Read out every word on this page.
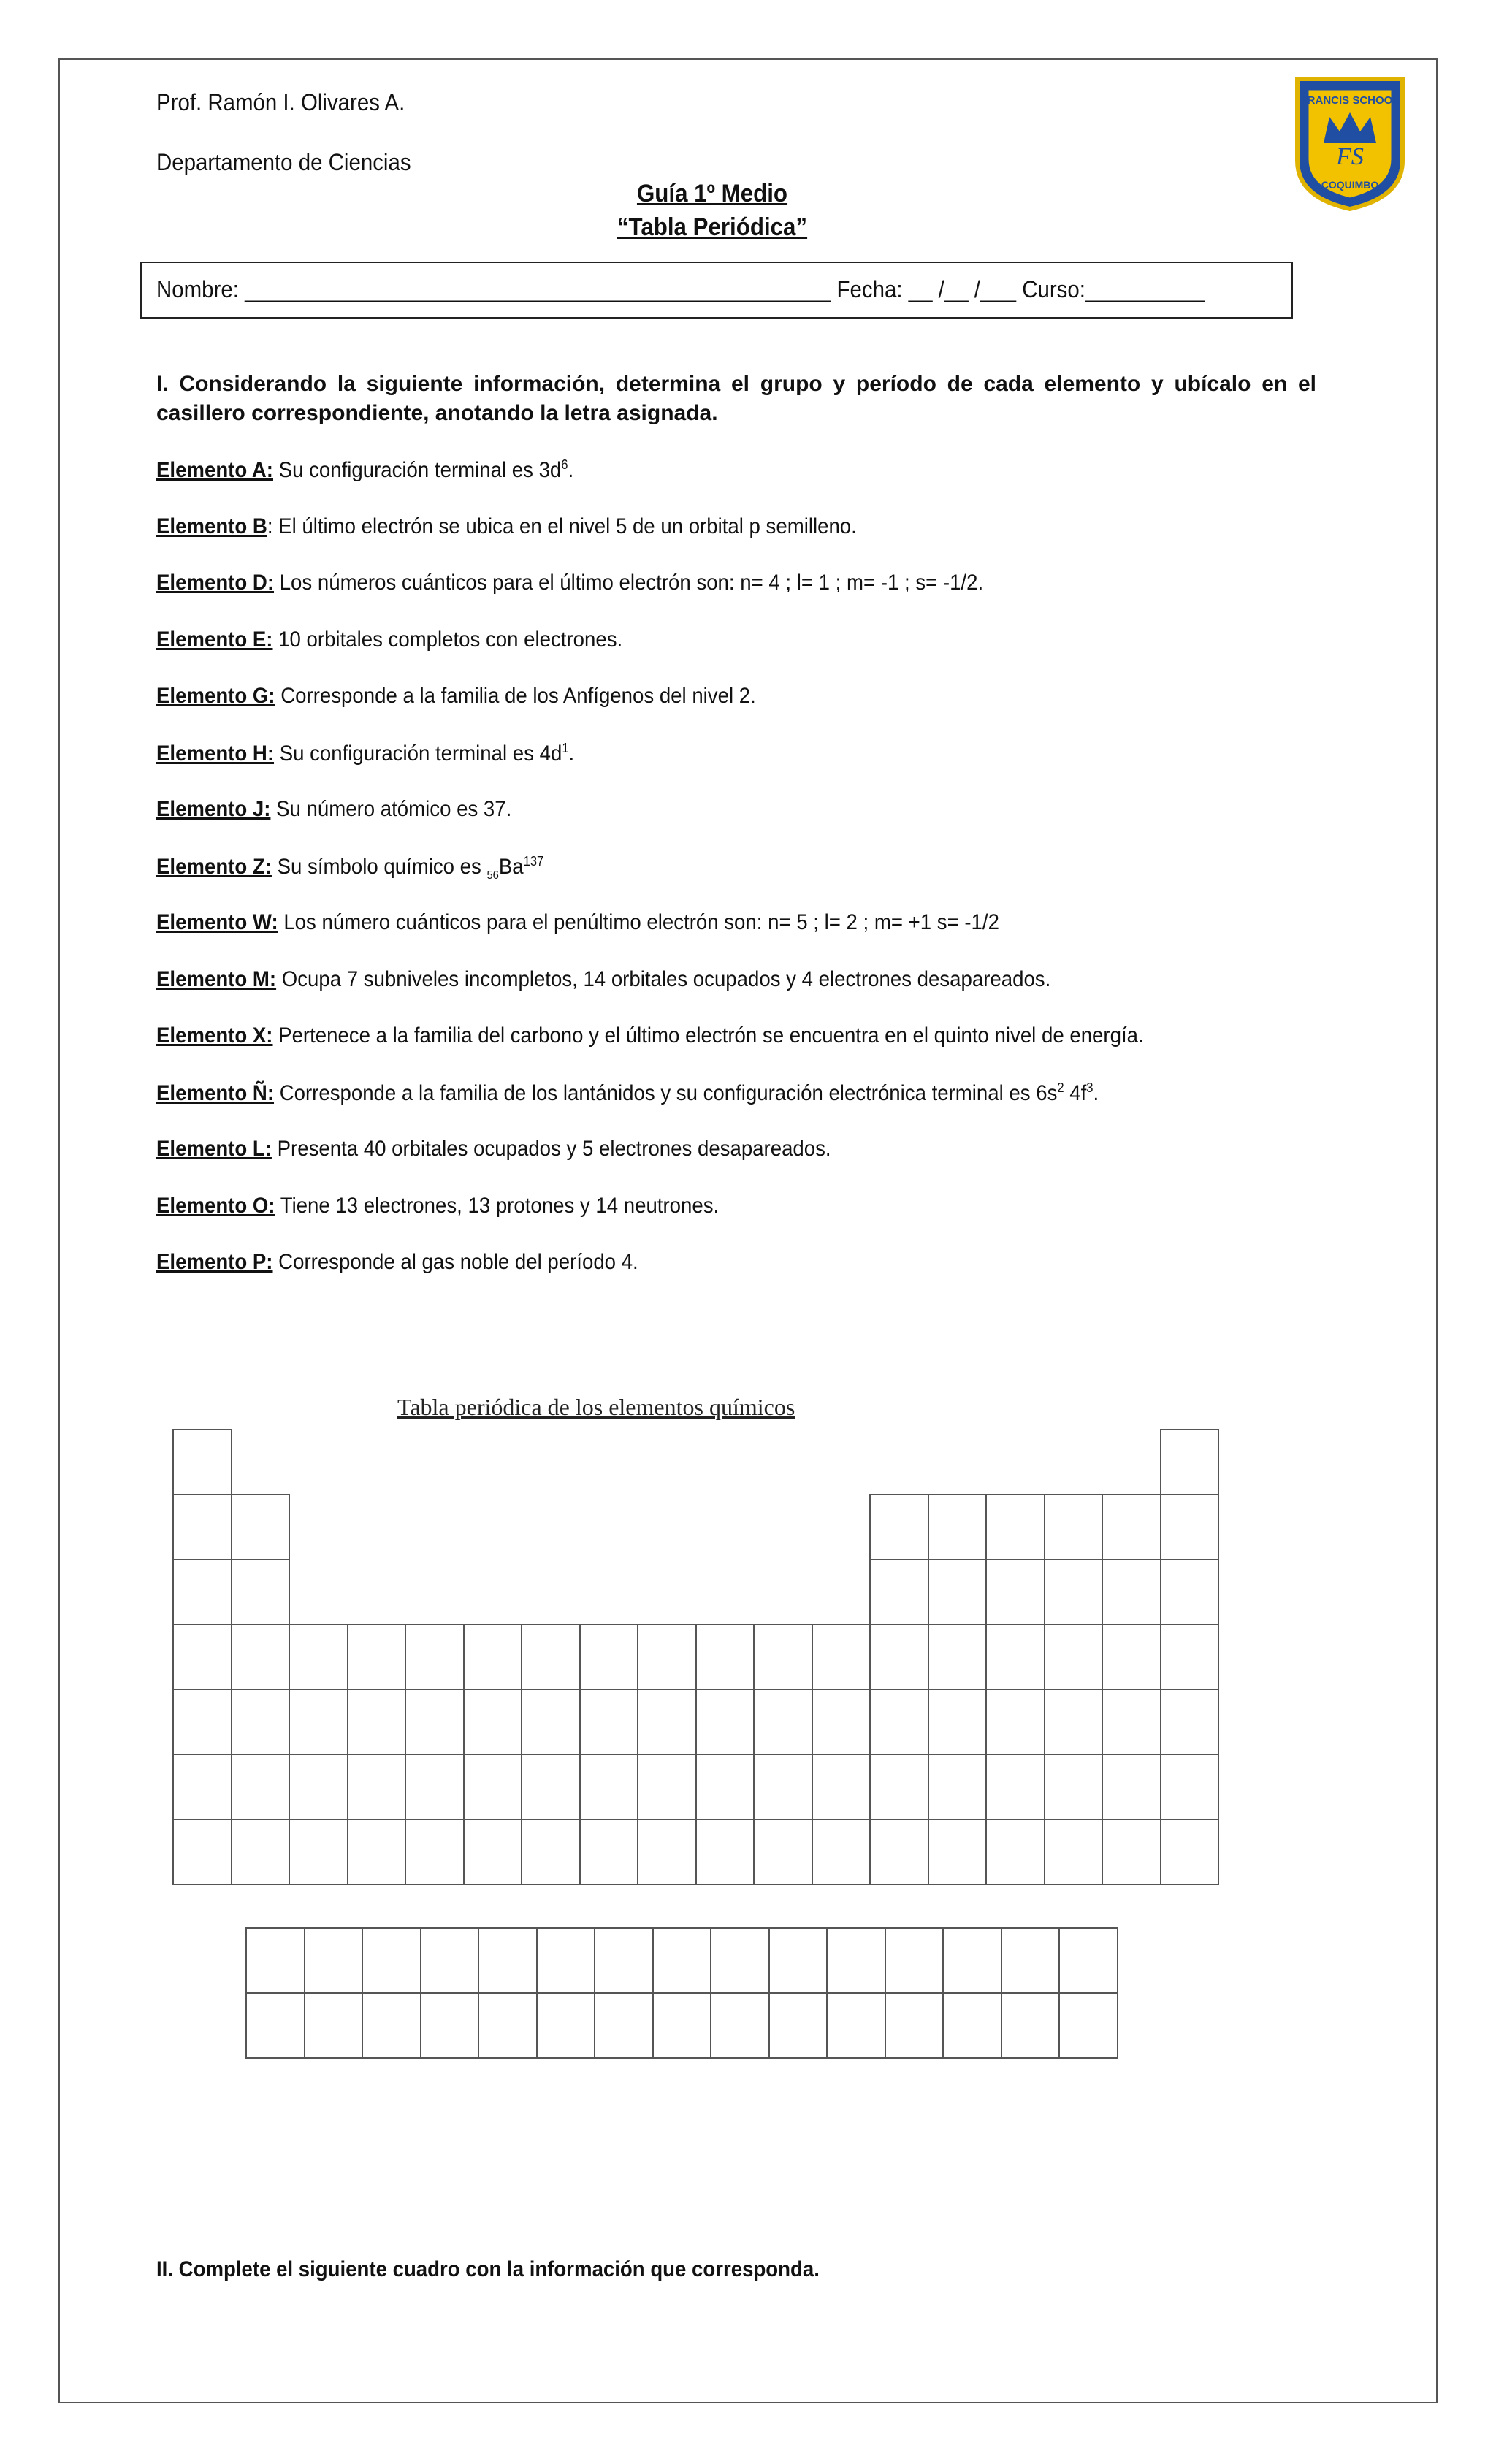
Prof. Ramón I. Olivares A.
Departamento de Ciencias
Guía 1º Medio
“Tabla Periódica”
FS
FRANCIS SCHOOL
COQUIMBO
Nombre: _________________________________________________ Fecha: __ /__ /___ Curso:__________
I. Considerando la siguiente información, determina el grupo y período de cada elemento y ubícalo en el casillero correspondiente, anotando la letra asignada.
Elemento A: Su configuración terminal es $3d^6$.
Elemento B: El último electrón se ubica en el nivel 5 de un orbital p semilleno.
Elemento D: Los números cuánticos para el último electrón son: n= 4 ; l= 1 ; m= -1 ; s= -1/2.
Elemento E: 10 orbitales completos con electrones.
Elemento G: Corresponde a la familia de los Anfígenos del nivel 2.
Elemento H: Su configuración terminal es $4d^1$.
Elemento J: Su número atómico es 37.
Elemento Z: Su símbolo químico es $_{56}Ba^{137}$
Elemento W: Los número cuánticos para el penúltimo electrón son: n= 5 ; l= 2 ; m= +1 s= -1/2
Elemento M: Ocupa 7 subniveles incompletos, 14 orbitales ocupados y 4 electrones desapareados.
Elemento X: Pertenece a la familia del carbono y el último electrón se encuentra en el quinto nivel de energía.
Elemento Ñ: Corresponde a la familia de los lantánidos y su configuración electrónica terminal es $6s^2$ $4f^3$.
Elemento L: Presenta 40 orbitales ocupados y 5 electrones desapareados.
Elemento O: Tiene 13 electrones, 13 protones y 14 neutrones.
Elemento P: Corresponde al gas noble del período 4.
Tabla periódica de los elementos químicos
II. Complete el siguiente cuadro con la información que corresponda.
